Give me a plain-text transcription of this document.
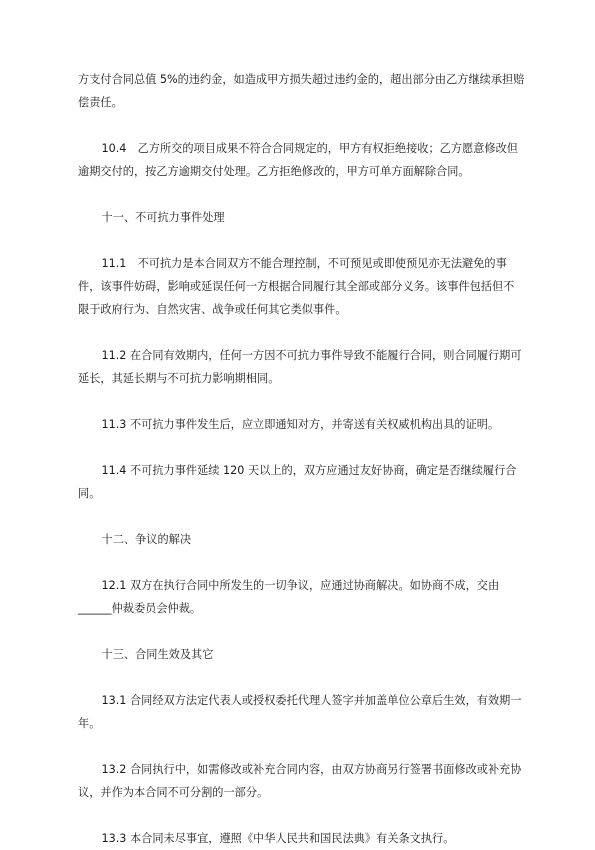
方支付合同总值 5%的违约金，如造成甲方损失超过违约金的，超出部分由乙方继续承担赔偿责任。

10.4　乙方所交的项目成果不符合合同规定的，甲方有权拒绝接收；乙方愿意修改但逾期交付的，按乙方逾期交付处理。乙方拒绝修改的，甲方可单方面解除合同。

十一、不可抗力事件处理

11.1　不可抗力是本合同双方不能合理控制，不可预见或即使预见亦无法避免的事件，该事件妨碍，影响或延误任何一方根据合同履行其全部或部分义务。该事件包括但不限于政府行为、自然灾害、战争或任何其它类似事件。

11.2 在合同有效期内，任何一方因不可抗力事件导致不能履行合同，则合同履行期可延长，其延长期与不可抗力影响期相同。

11.3 不可抗力事件发生后，应立即通知对方，并寄送有关权威机构出具的证明。

11.4 不可抗力事件延续 120 天以上的，双方应通过友好协商，确定是否继续履行合同。

十二、争议的解决

12.1 双方在执行合同中所发生的一切争议，应通过协商解决。如协商不成，交由______仲裁委员会仲裁。

十三、合同生效及其它

13.1 合同经双方法定代表人或授权委托代理人签字并加盖单位公章后生效，有效期一年。

13.2 合同执行中，如需修改或补充合同内容，由双方协商另行签署书面修改或补充协议，并作为本合同不可分割的一部分。

13.3 本合同未尽事宜，遵照《中华人民共和国民法典》有关条文执行。
